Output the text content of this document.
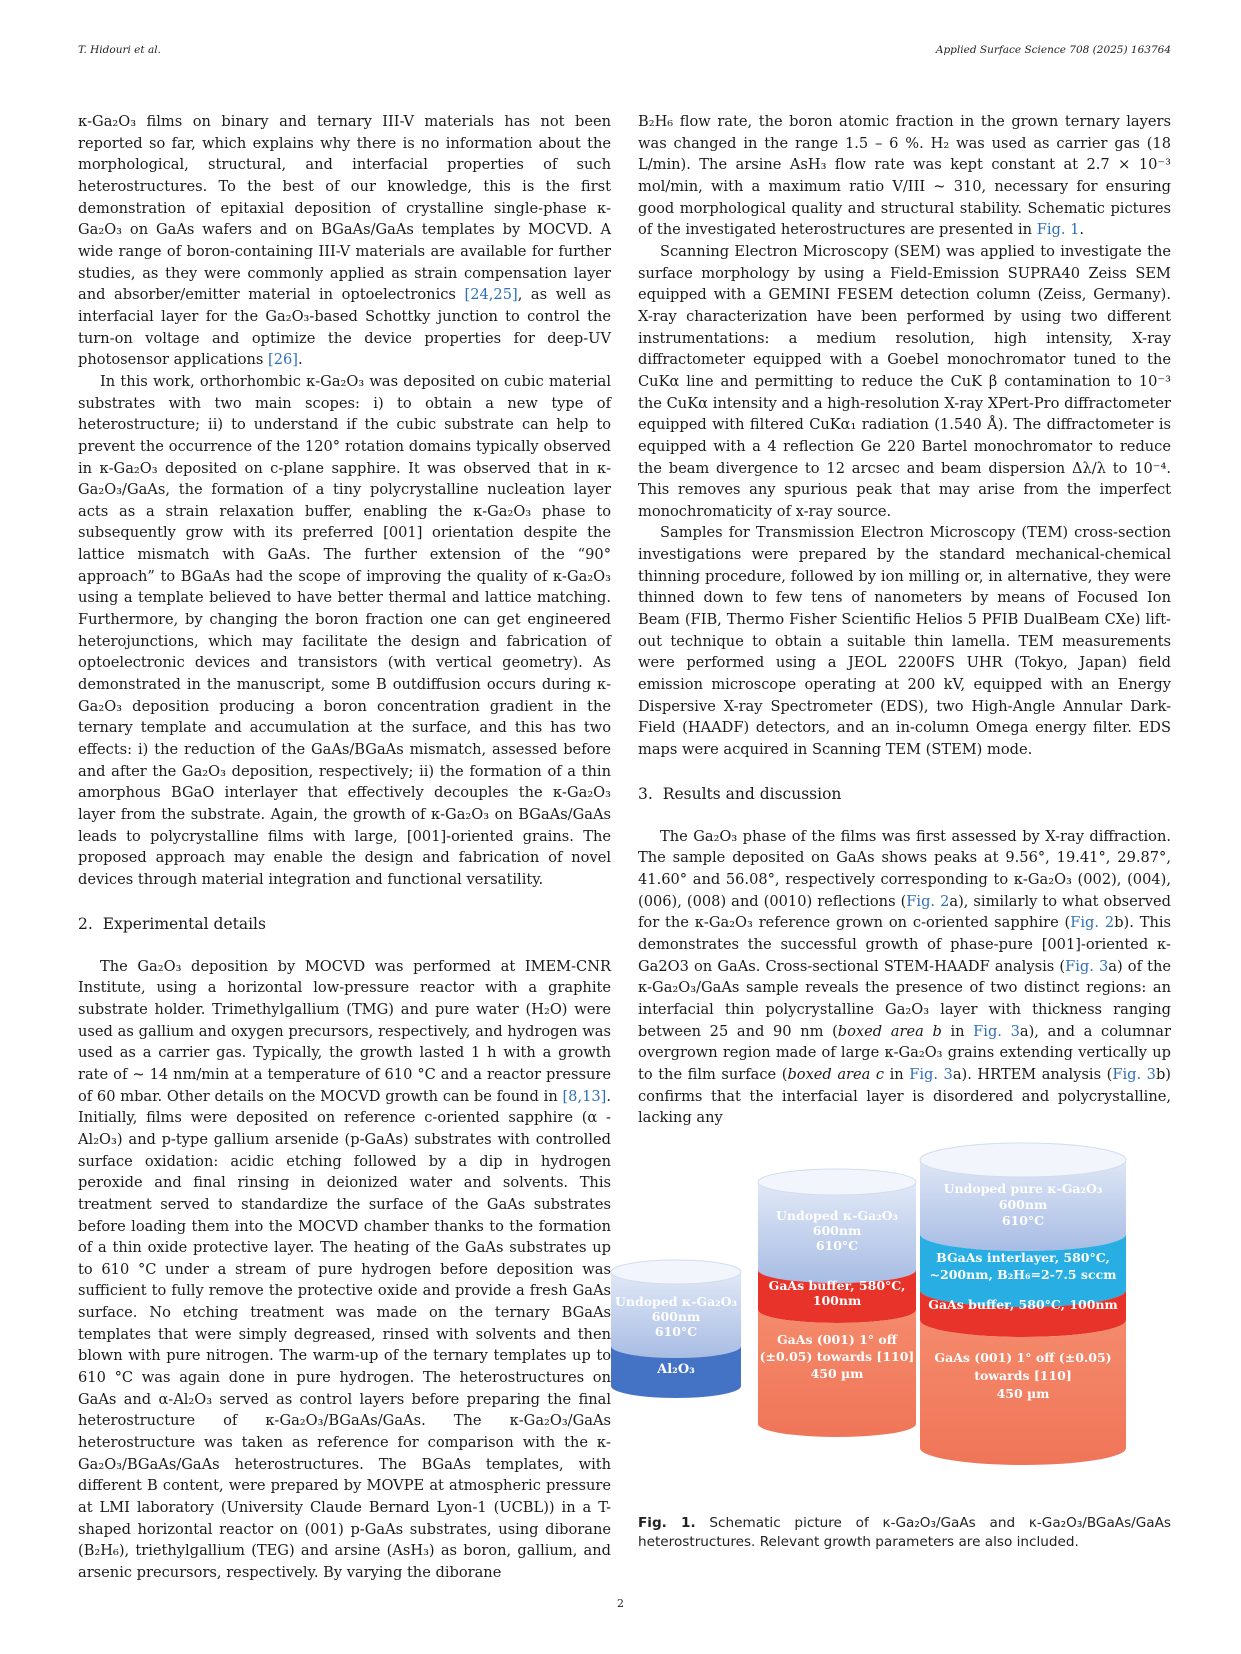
T. Hidouri et al.	Applied Surface Science 708 (2025) 163764

κ-Ga₂O₃ films on binary and ternary III-V materials has not been reported so far, which explains why there is no information about the morphological, structural, and interfacial properties of such heterostructures. To the best of our knowledge, this is the first demonstration of epitaxial deposition of crystalline single-phase κ-Ga₂O₃ on GaAs wafers and on BGaAs/GaAs templates by MOCVD. A wide range of boron-containing III-V materials are available for further studies, as they were commonly applied as strain compensation layer and absorber/emitter material in optoelectronics [24,25], as well as interfacial layer for the Ga₂O₃-based Schottky junction to control the turn-on voltage and optimize the device properties for deep-UV photosensor applications [26].

In this work, orthorhombic κ-Ga₂O₃ was deposited on cubic material substrates with two main scopes: i) to obtain a new type of heterostructure; ii) to understand if the cubic substrate can help to prevent the occurrence of the 120° rotation domains typically observed in κ-Ga₂O₃ deposited on c-plane sapphire. It was observed that in κ-Ga₂O₃/GaAs, the formation of a tiny polycrystalline nucleation layer acts as a strain relaxation buffer, enabling the κ-Ga₂O₃ phase to subsequently grow with its preferred [001] orientation despite the lattice mismatch with GaAs. The further extension of the “90° approach” to BGaAs had the scope of improving the quality of κ-Ga₂O₃ using a template believed to have better thermal and lattice matching. Furthermore, by changing the boron fraction one can get engineered heterojunctions, which may facilitate the design and fabrication of optoelectronic devices and transistors (with vertical geometry). As demonstrated in the manuscript, some B outdiffusion occurs during κ-Ga₂O₃ deposition producing a boron concentration gradient in the ternary template and accumulation at the surface, and this has two effects: i) the reduction of the GaAs/BGaAs mismatch, assessed before and after the Ga₂O₃ deposition, respectively; ii) the formation of a thin amorphous BGaO interlayer that effectively decouples the κ-Ga₂O₃ layer from the substrate. Again, the growth of κ-Ga₂O₃ on BGaAs/GaAs leads to polycrystalline films with large, [001]-oriented grains. The proposed approach may enable the design and fabrication of novel devices through material integration and functional versatility.

2. Experimental details

The Ga₂O₃ deposition by MOCVD was performed at IMEM-CNR Institute, using a horizontal low-pressure reactor with a graphite substrate holder. Trimethylgallium (TMG) and pure water (H₂O) were used as gallium and oxygen precursors, respectively, and hydrogen was used as a carrier gas. Typically, the growth lasted 1 h with a growth rate of ~ 14 nm/min at a temperature of 610 °C and a reactor pressure of 60 mbar. Other details on the MOCVD growth can be found in [8,13]. Initially, films were deposited on reference c-oriented sapphire (α -Al₂O₃) and p-type gallium arsenide (p-GaAs) substrates with controlled surface oxidation: acidic etching followed by a dip in hydrogen peroxide and final rinsing in deionized water and solvents. This treatment served to standardize the surface of the GaAs substrates before loading them into the MOCVD chamber thanks to the formation of a thin oxide protective layer. The heating of the GaAs substrates up to 610 °C under a stream of pure hydrogen before deposition was sufficient to fully remove the protective oxide and provide a fresh GaAs surface. No etching treatment was made on the ternary BGaAs templates that were simply degreased, rinsed with solvents and then blown with pure nitrogen. The warm-up of the ternary templates up to 610 °C was again done in pure hydrogen. The heterostructures on GaAs and α-Al₂O₃ served as control layers before preparing the final heterostructure of κ-Ga₂O₃/BGaAs/GaAs. The κ-Ga₂O₃/GaAs heterostructure was taken as reference for comparison with the κ-Ga₂O₃/BGaAs/GaAs heterostructures. The BGaAs templates, with different B content, were prepared by MOVPE at atmospheric pressure at LMI laboratory (University Claude Bernard Lyon-1 (UCBL)) in a T-shaped horizontal reactor on (001) p-GaAs substrates, using diborane (B₂H₆), triethylgallium (TEG) and arsine (AsH₃) as boron, gallium, and arsenic precursors, respectively. By varying the diborane

B₂H₆ flow rate, the boron atomic fraction in the grown ternary layers was changed in the range 1.5 – 6 %. H₂ was used as carrier gas (18 L/min). The arsine AsH₃ flow rate was kept constant at 2.7 × 10⁻³ mol/min, with a maximum ratio V/III ~ 310, necessary for ensuring good morphological quality and structural stability. Schematic pictures of the investigated heterostructures are presented in Fig. 1.

Scanning Electron Microscopy (SEM) was applied to investigate the surface morphology by using a Field-Emission SUPRA40 Zeiss SEM equipped with a GEMINI FESEM detection column (Zeiss, Germany). X-ray characterization have been performed by using two different instrumentations: a medium resolution, high intensity, X-ray diffractometer equipped with a Goebel monochromator tuned to the CuKα line and permitting to reduce the CuK β contamination to 10⁻³ the CuKα intensity and a high-resolution X-ray XPert-Pro diffractometer equipped with filtered CuKα₁ radiation (1.540 Å). The diffractometer is equipped with a 4 reflection Ge 220 Bartel monochromator to reduce the beam divergence to 12 arcsec and beam dispersion Δλ/λ to 10⁻⁴. This removes any spurious peak that may arise from the imperfect monochromaticity of x-ray source.

Samples for Transmission Electron Microscopy (TEM) cross-section investigations were prepared by the standard mechanical-chemical thinning procedure, followed by ion milling or, in alternative, they were thinned down to few tens of nanometers by means of Focused Ion Beam (FIB, Thermo Fisher Scientific Helios 5 PFIB DualBeam CXe) lift-out technique to obtain a suitable thin lamella. TEM measurements were performed using a JEOL 2200FS UHR (Tokyo, Japan) field emission microscope operating at 200 kV, equipped with an Energy Dispersive X-ray Spectrometer (EDS), two High-Angle Annular Dark-Field (HAADF) detectors, and an in-column Omega energy filter. EDS maps were acquired in Scanning TEM (STEM) mode.

3. Results and discussion

The Ga₂O₃ phase of the films was first assessed by X-ray diffraction. The sample deposited on GaAs shows peaks at 9.56°, 19.41°, 29.87°, 41.60° and 56.08°, respectively corresponding to κ-Ga₂O₃ (002), (004), (006), (008) and (0010) reflections (Fig. 2a), similarly to what observed for the κ-Ga₂O₃ reference grown on c-oriented sapphire (Fig. 2b). This demonstrates the successful growth of phase-pure [001]-oriented κ-Ga2O3 on GaAs. Cross-sectional STEM-HAADF analysis (Fig. 3a) of the κ-Ga₂O₃/GaAs sample reveals the presence of two distinct regions: an interfacial thin polycrystalline Ga₂O₃ layer with thickness ranging between 25 and 90 nm (boxed area b in Fig. 3a), and a columnar overgrown region made of large κ-Ga₂O₃ grains extending vertically up to the film surface (boxed area c in Fig. 3a). HRTEM analysis (Fig. 3b) confirms that the interfacial layer is disordered and polycrystalline, lacking any

Undoped κ-Ga₂O₃
600nm
610°C
Al₂O₃
Undoped κ-Ga₂O₃
600nm
610°C
GaAs buffer, 580°C,
100nm
GaAs (001) 1° off
(±0.05) towards [110]
450 µm
Undoped pure κ-Ga₂O₃
600nm
610°C
BGaAs interlayer, 580°C,
~200nm, B₂H₆=2-7.5 sccm
GaAs buffer, 580°C, 100nm
GaAs (001) 1° off (±0.05)
towards [110]
450 µm
Fig. 1. Schematic picture of κ-Ga₂O₃/GaAs and κ-Ga₂O₃/BGaAs/GaAs heterostructures. Relevant growth parameters are also included.
2
